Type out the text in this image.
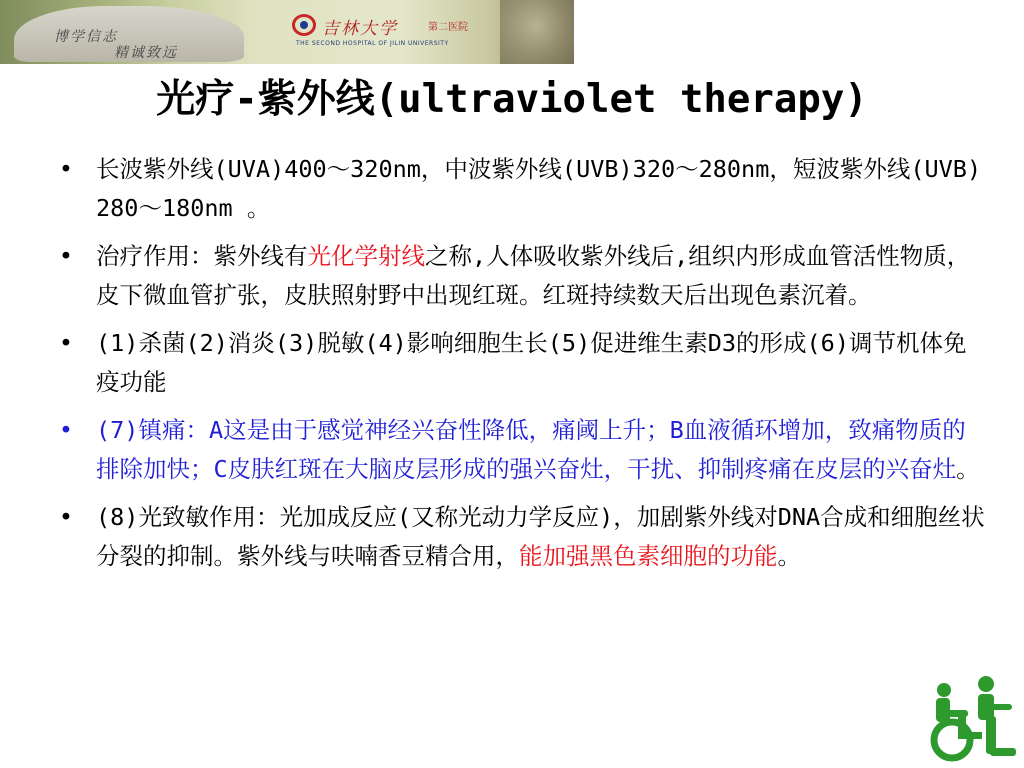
博学信志
精诚致远
吉林大学	第二医院
THE SECOND HOSPITAL OF JILIN UNIVERSITY
光疗-紫外线(ultraviolet therapy)
• 长波紫外线(UVA)400～320nm，中波紫外线(UVB)320～280nm，短波紫外线(UVB) 280～180nm 。
• 治疗作用：紫外线有光化学射线之称,人体吸收紫外线后,组织内形成血管活性物质，皮下微血管扩张，皮肤照射野中出现红斑。红斑持续数天后出现色素沉着。
• (1)杀菌(2)消炎(3)脱敏(4)影响细胞生长(5)促进维生素D3的形成(6)调节机体免疫功能
• (7)镇痛：A这是由于感觉神经兴奋性降低，痛阈上升；B血液循环增加，致痛物质的排除加快；C皮肤红斑在大脑皮层形成的强兴奋灶，干扰、抑制疼痛在皮层的兴奋灶。
• (8)光致敏作用：光加成反应(又称光动力学反应)，加剧紫外线对DNA合成和细胞丝状分裂的抑制。紫外线与呋喃香豆精合用，能加强黑色素细胞的功能。
